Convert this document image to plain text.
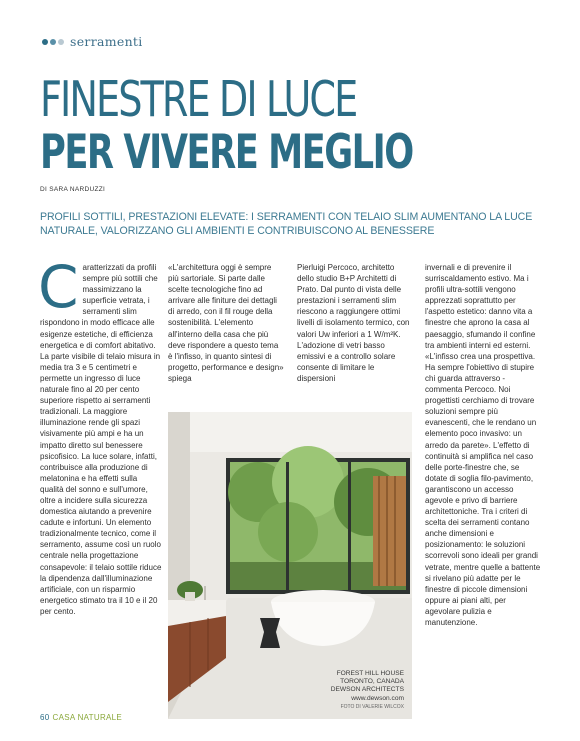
serramenti
FINESTRE DI LUCE
PER VIVERE MEGLIO
DI SARA NARDUZZI
PROFILI SOTTILI, PRESTAZIONI ELEVATE: I SERRAMENTI CON TELAIO SLIM AUMENTANO LA LUCE NATURALE, VALORIZZANO GLI AMBIENTI E CONTRIBUISCONO AL BENESSERE
C aratterizzati da profili sempre più sottili che massimizzano la superficie vetrata, i serramenti slim rispondono in modo efficace alle esigenze estetiche, di efficienza energetica e di comfort abitativo. La parte visibile di telaio misura in media tra 3 e 5 centimetri e permette un ingresso di luce naturale fino al 20 per cento superiore rispetto ai serramenti tradizionali. La maggiore illuminazione rende gli spazi visivamente più ampi e ha un impatto diretto sul benessere psicofisico. La luce solare, infatti, contribuisce alla produzione di melatonina e ha effetti sulla qualità del sonno e sull'umore, oltre a incidere sulla sicurezza domestica aiutando a prevenire cadute e infortuni. Un elemento tradizionalmente tecnico, come il serramento, assume così un ruolo centrale nella progettazione consapevole: il telaio sottile riduce la dipendenza dall'illuminazione artificiale, con un risparmio energetico stimato tra il 10 e il 20 per cento.

«L'architettura oggi è sempre più sartoriale. Si parte dalle scelte tecnologiche fino ad arrivare alle finiture dei dettagli di arredo, con il fil rouge della sostenibilità. L'elemento all'interno della casa che più deve rispondere a questo tema è l'infisso, in quanto sintesi di progetto, performance e design» spiega

Pierluigi Percoco, architetto dello studio B+P Architetti di Prato. Dal punto di vista delle prestazioni i serramenti slim riescono a raggiungere ottimi livelli di isolamento termico, con valori Uw inferiori a 1 W/m²K. L'adozione di vetri basso emissivi e a controllo solare consente di limitare le dispersioni

invernali e di prevenire il surriscaldamento estivo. Ma i profili ultra-sottili vengono apprezzati soprattutto per l'aspetto estetico: danno vita a finestre che aprono la casa al paesaggio, sfumando il confine tra ambienti interni ed esterni. «L'infisso crea una prospettiva. Ha sempre l'obiettivo di stupire chi guarda attraverso - commenta Percoco. Noi progettisti cerchiamo di trovare soluzioni sempre più evanescenti, che le rendano un elemento poco invasivo: un arredo da parete». L'effetto di continuità si amplifica nel caso delle porte-finestre che, se dotate di soglia filo-pavimento, garantiscono un accesso agevole e privo di barriere architettoniche. Tra i criteri di scelta dei serramenti contano anche dimensioni e posizionamento: le soluzioni scorrevoli sono ideali per grandi vetrate, mentre quelle a battente si rivelano più adatte per le finestre di piccole dimensioni oppure ai piani alti, per agevolare pulizia e manutenzione.

FOREST HILL HOUSE
TORONTO, CANADA
DEWSON ARCHITECTS
www.dewson.com
FOTO DI VALERIE WILCOX
60 CASA NATURALE
